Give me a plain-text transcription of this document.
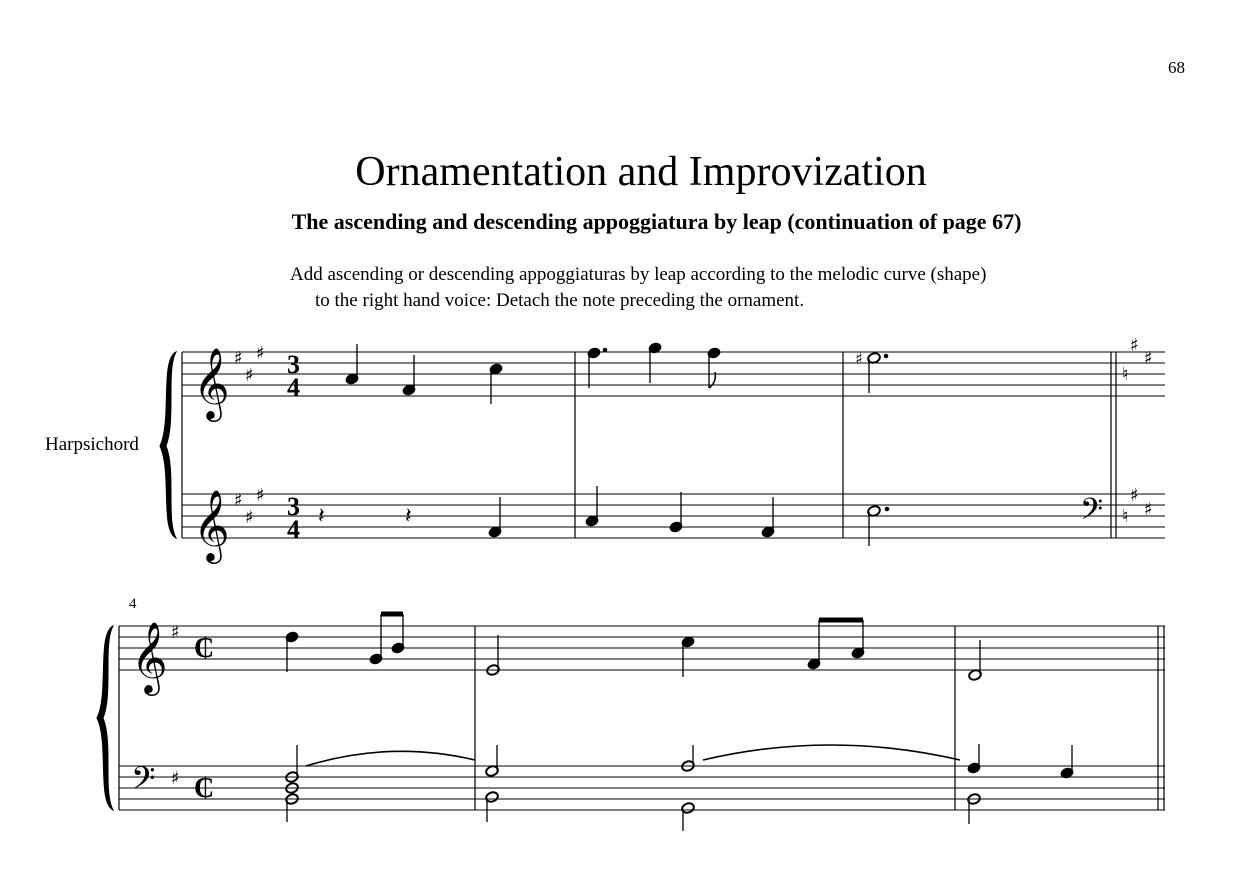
68
Ornamentation and Improvization
The ascending and descending appoggiatura by leap (continuation of page 67)
Add ascending or descending appoggiaturas by leap according to the melodic curve (shape)
to the right hand voice: Detach the note preceding the ornament.
Harpsichord
𝄞
𝄞
♯
♯
♯
♯
♯
♯
3
4
3
4
♮
♯
♯
♮
♯
♯
𝄢
♯
𝄽	𝄽
4
𝄞
𝄢
♯
♯
₵
₵
